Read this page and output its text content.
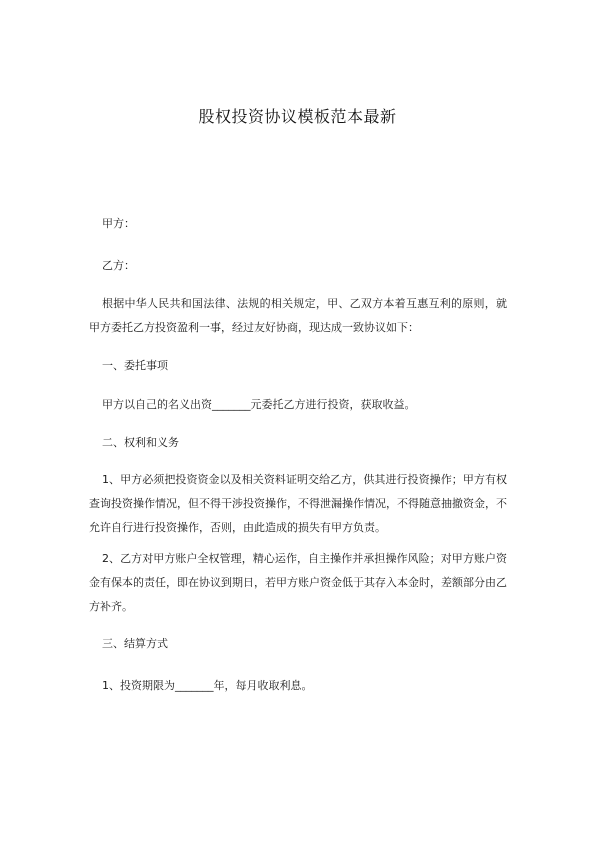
股权投资协议模板范本最新
甲方：
乙方：
根据中华人民共和国法律、法规的相关规定，甲、乙双方本着互惠互利的原则，就甲方委托乙方投资盈利一事，经过友好协商，现达成一致协议如下：
一、委托事项
甲方以自己的名义出资_______元委托乙方进行投资，获取收益。
二、权利和义务
1、甲方必须把投资资金以及相关资料证明交给乙方，供其进行投资操作；甲方有权查询投资操作情况，但不得干涉投资操作，不得泄漏操作情况，不得随意抽撤资金，不允许自行进行投资操作，否则，由此造成的损失有甲方负责。
2、乙方对甲方账户全权管理，精心运作，自主操作并承担操作风险；对甲方账户资金有保本的责任，即在协议到期日，若甲方账户资金低于其存入本金时，差额部分由乙方补齐。
三、结算方式
1、投资期限为_______年，每月收取利息。
